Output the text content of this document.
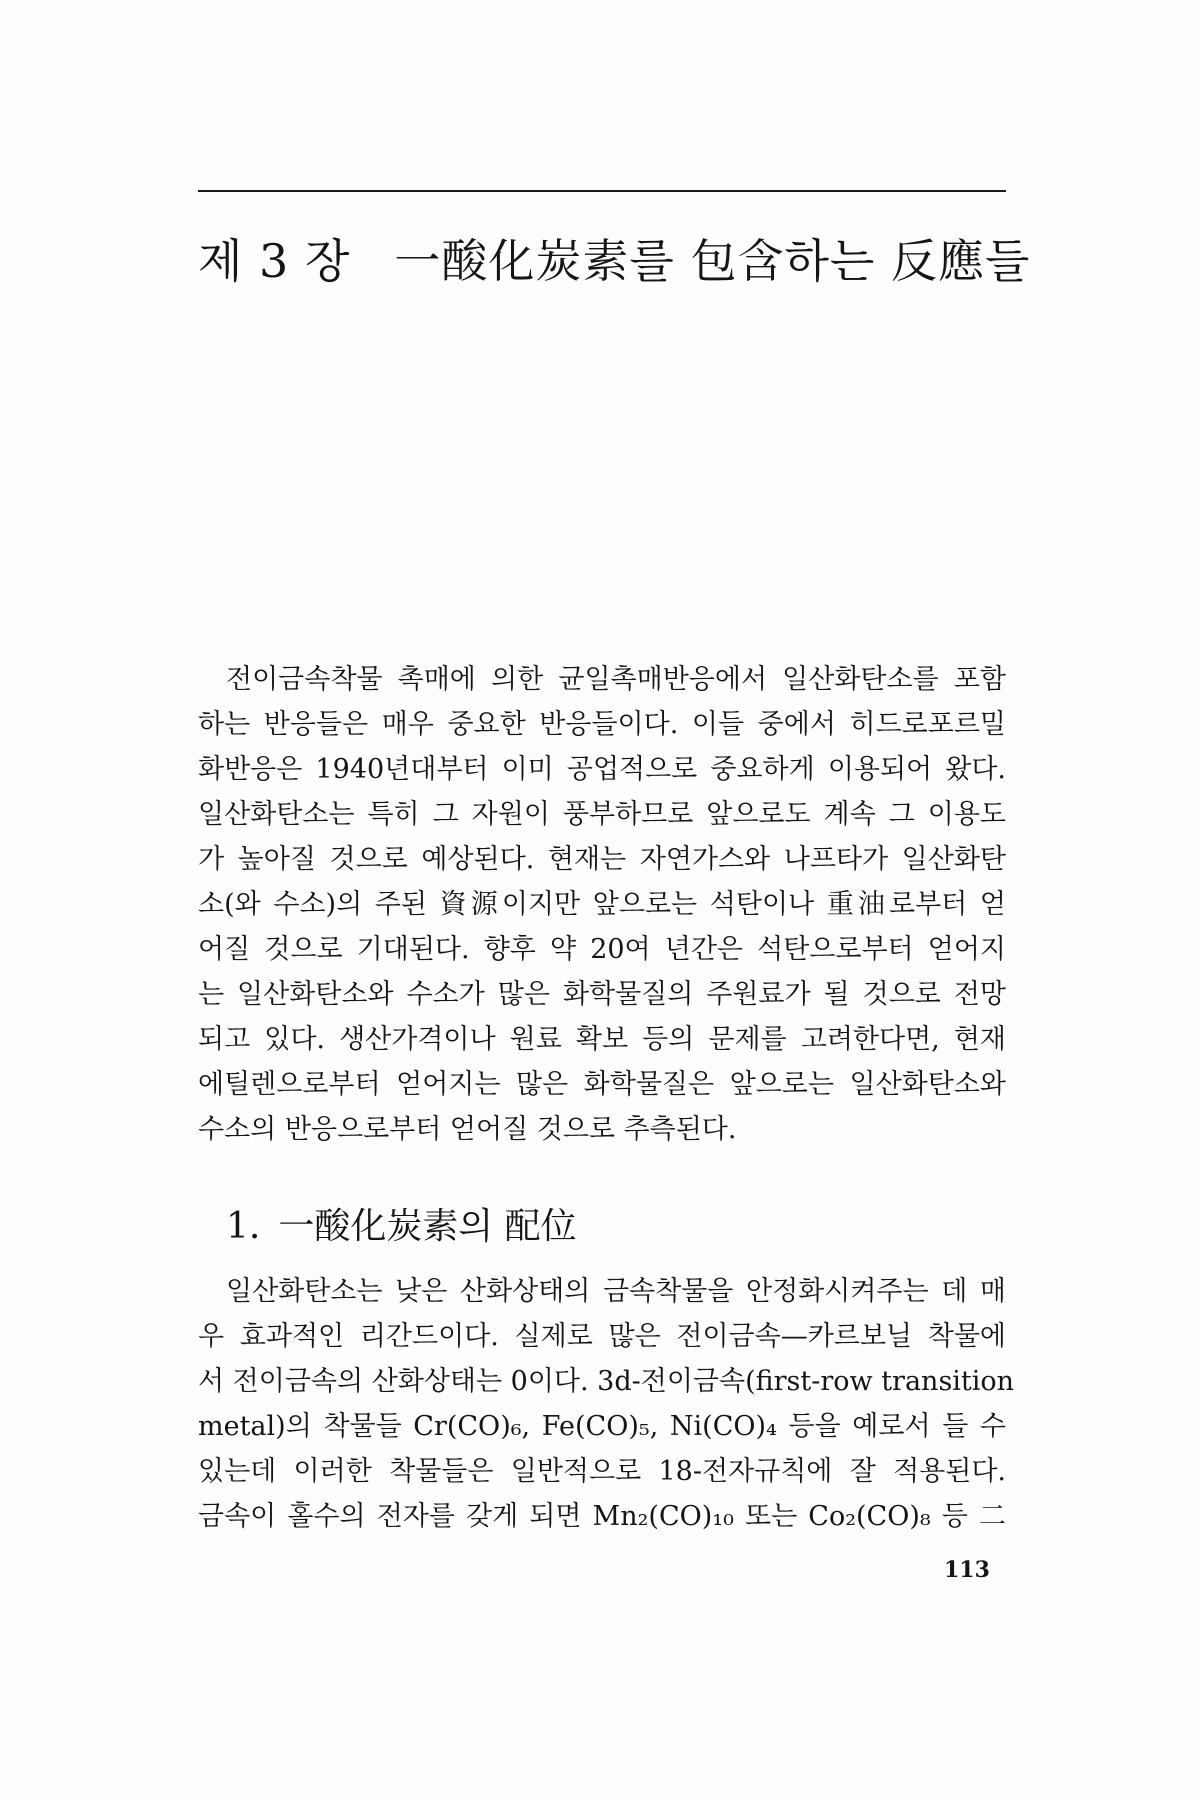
제 3 장 一酸化炭素를 包含하는 反應들

전이금속착물 촉매에 의한 균일촉매반응에서 일산화탄소를 포함
하는 반응들은 매우 중요한 반응들이다. 이들 중에서 히드로포르밀
화반응은 1940년대부터 이미 공업적으로 중요하게 이용되어 왔다.
일산화탄소는 특히 그 자원이 풍부하므로 앞으로도 계속 그 이용도
가 높아질 것으로 예상된다. 현재는 자연가스와 나프타가 일산화탄
소(와 수소)의 주된 資源이지만 앞으로는 석탄이나 重油로부터 얻
어질 것으로 기대된다. 향후 약 20여 년간은 석탄으로부터 얻어지
는 일산화탄소와 수소가 많은 화학물질의 주원료가 될 것으로 전망
되고 있다. 생산가격이나 원료 확보 등의 문제를 고려한다면, 현재
에틸렌으로부터 얻어지는 많은 화학물질은 앞으로는 일산화탄소와
수소의 반응으로부터 얻어질 것으로 추측된다.

1. 一酸化炭素의 配位

일산화탄소는 낮은 산화상태의 금속착물을 안정화시켜주는 데 매
우 효과적인 리간드이다. 실제로 많은 전이금속—카르보닐 착물에
서 전이금속의 산화상태는 0이다. 3d-전이금속(first-row transition
metal)의 착물들 Cr(CO)₆, Fe(CO)₅, Ni(CO)₄ 등을 예로서 들 수
있는데 이러한 착물들은 일반적으로 18-전자규칙에 잘 적용된다.
금속이 홀수의 전자를 갖게 되면 Mn₂(CO)₁₀ 또는 Co₂(CO)₈ 등 二

113
